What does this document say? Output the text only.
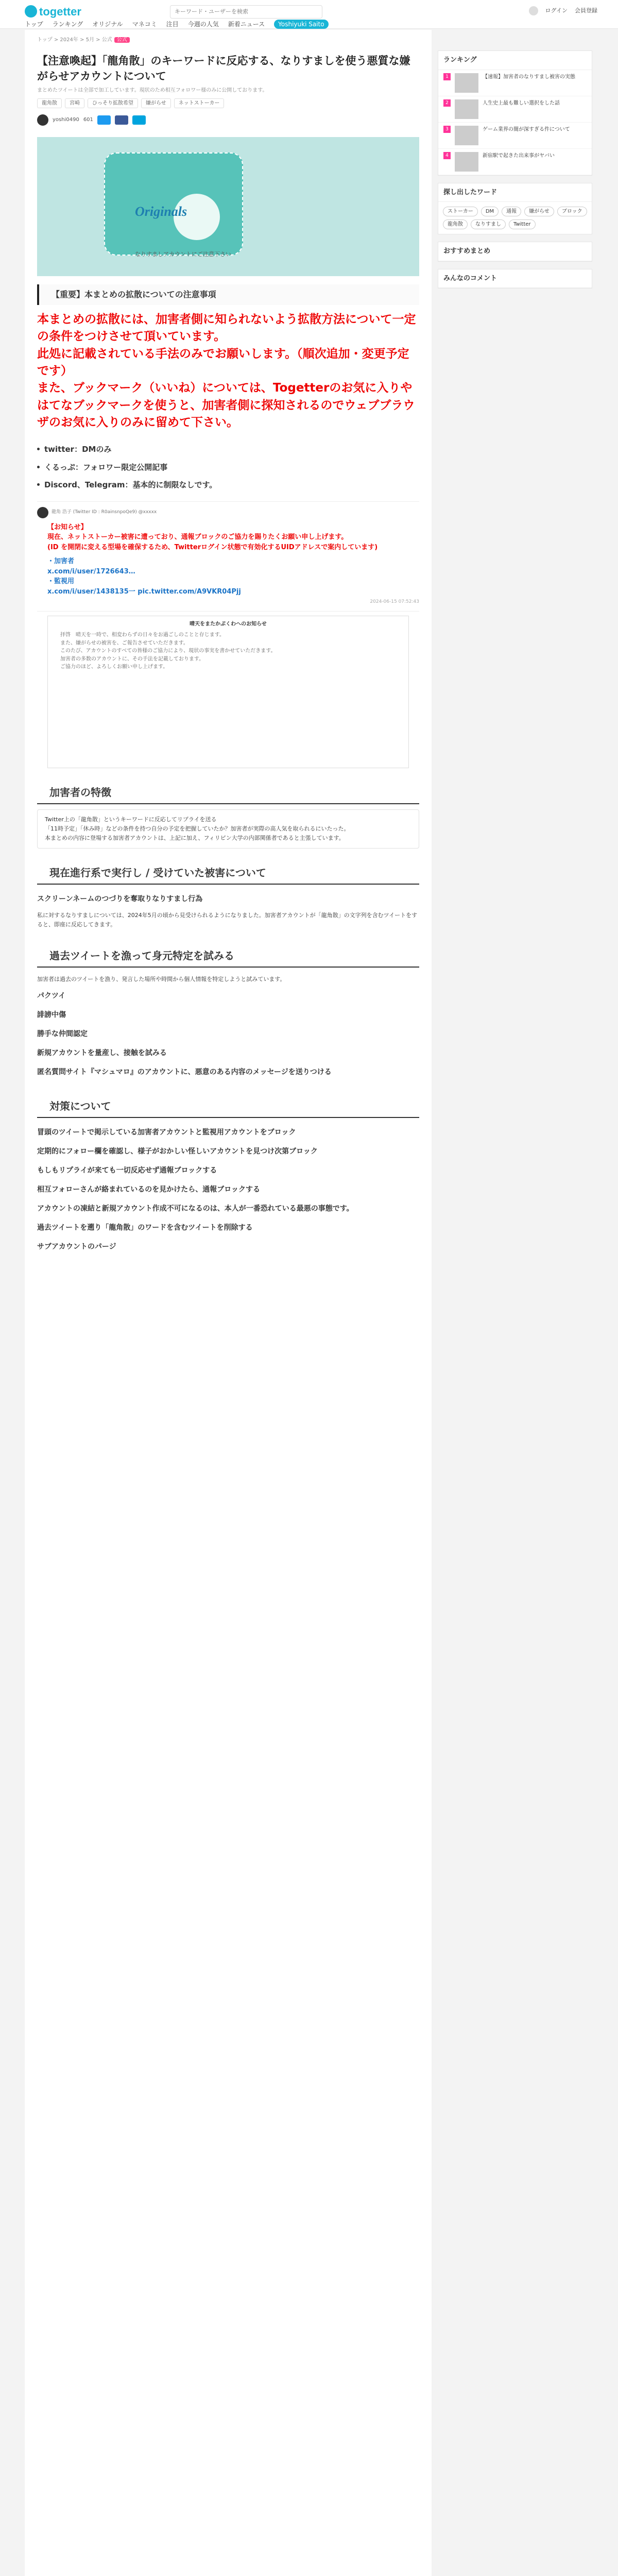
togetter
キーワード・ユーザーを検索	ログイン 会員登録
トップ ランキング オリジナル マネコミ 注目 今週の人気 新着ニュース	Yoshiyuki Saito
トップ > 2024年 > 5月 > 公式 公式
【注意喚起】「龍角散」のキーワードに反応する、なりすましを使う悪質な嫌がらせアカウントについて
まとめたツイートは全部で加工しています。現状のため相互フォロワー様のみに公開しております。
龍角散	宮崎	ひっそり拡散希望	嫌がらせ	ネットストーカー
yoshi0490 601
Originals
なりすましアカウントにご注意下さい
【重要】本まとめの拡散についての注意事項
本まとめの拡散には、加害者側に知られないよう拡散方法について一定の条件をつけさせて頂いています。
此処に記載されている手法のみでお願いします。（順次追加・変更予定です）
また、ブックマーク（いいね）については、Togetterのお気に入りやはてなブックマークを使うと、加害者側に探知されるのでウェブブラウザのお気に入りのみに留めて下さい。
twitter：DMのみ
くるっぷ：フォロワー限定公開記事
Discord、Telegram：基本的に制限なしです。
龍角 浩子 (Twitter ID : R0ainsnpoQe9) @xxxxx
【お知らせ】
現在、ネットストーカー被害に遭っており、通報ブロックのご協力を賜りたくお願い申し上げます。
(ID を開閉に変える型場を確保するため、Twitterログイン状態で有効化するUIDアドレスで案内しています)
・加害者
x.com/i/user/1726643…
・監視用
x.com/i/user/1438135一 pic.twitter.com/A9VKR04Pjj
2024-06-15 07:52:43
晴天をまたかぷくわへのお知らせ
拝啓　晴天を一時で、相変わらずの日々をお過ごしのことと存じます。
また、嫌がらせの被害を、ご報告させていただきます。
このたび、アカウントのすべての皆様のご協力により、現状の事実を書かせていただきます。
加害者の多数のアカウントに、その手法を記載しております。
ご協力のほど、よろしくお願い申し上げます。
加害者の特徴
Twitter上の「龍角散」というキーワードに反応してリプライを送る
「11時予定」「休み時」などの条件を持つ自分の予定を把握していたか？加害者が実際の高人気を取られるにいたった。
本まとめの内容に登場する加害者アカウントは、上記に加え、フィリピン大学の内部関係者であると主張しています。
現在進行系で実行し / 受けていた被害について
スクリーンネームのつづりを奪取りなりすまし行為
私に対するなりすましについては、2024年5月の頃から見受けられるようになりました。加害者アカウントが「龍角散」の文字列を含むツイートをすると、即座に反応してきます。
過去ツイートを漁って身元特定を試みる
加害者は過去のツイートを漁り、発言した場所や時間から個人情報を特定しようと試みています。
パクツイ
誹謗中傷
勝手な仲間認定
新規アカウントを量産し、接触を試みる
匿名質問サイト『マシュマロ』のアカウントに、悪意のある内容のメッセージを送りつける
対策について
冒頭のツイートで掲示している加害者アカウントと監視用アカウントをブロック
定期的にフォロー欄を確認し、様子がおかしい怪しいアカウントを見つけ次第ブロック
もしもリプライが来ても一切反応せず通報ブロックする
相互フォローさんが絡まれているのを見かけたら、通報ブロックする
アカウントの凍結と新規アカウント作成不可になるのは、本人が一番恐れている最悪の事態です。
過去ツイートを遡り「龍角散」のワードを含むツイートを削除する
サブアカウントのパージ
ランキング
1	【速報】加害者のなりすまし被害の実態
2	人生史上最も難しい選択をした話
3	ゲーム業界の闇が深すぎる件について
4	新宿駅で起きた出来事がヤバい
探し出したワード
ストーカー DM 通報 嫌がらせ ブロック龍角散 なりすまし Twitter
おすすめまとめ
みんなのコメント
